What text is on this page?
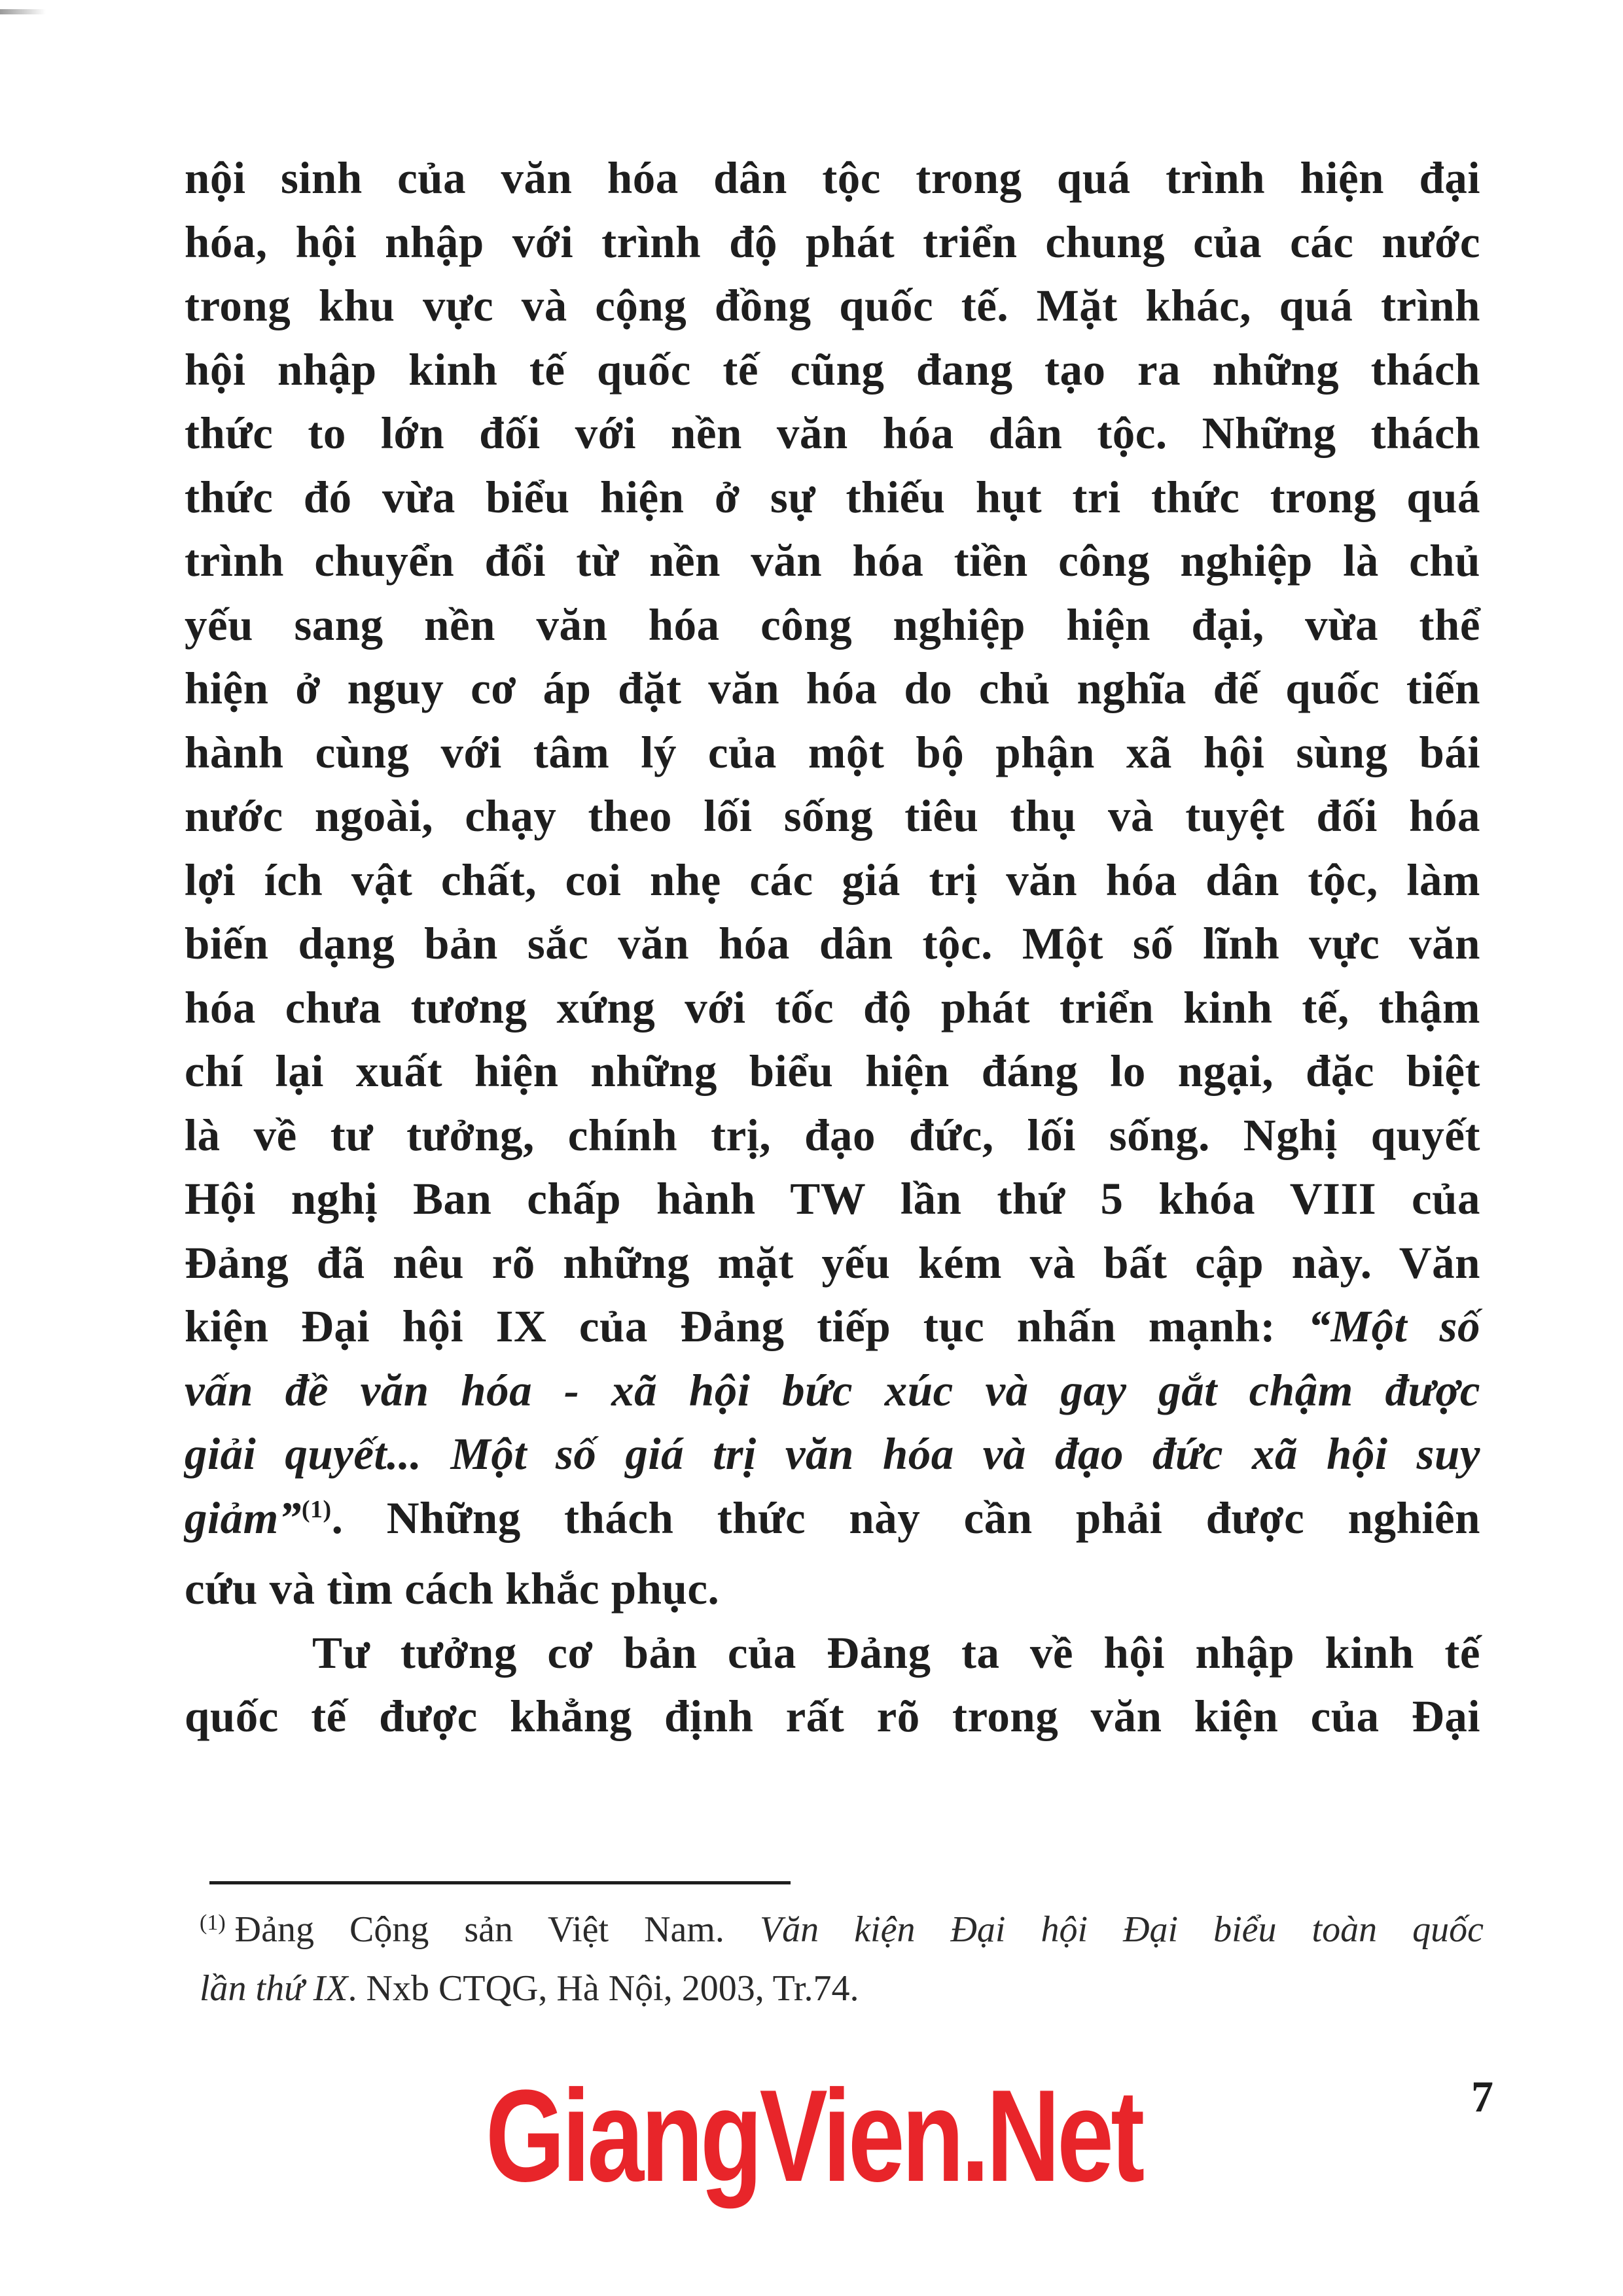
nội sinh của văn hóa dân tộc trong quá trình hiện đại
hóa, hội nhập với trình độ phát triển chung của các nước
trong khu vực và cộng đồng quốc tế. Mặt khác, quá trình
hội nhập kinh tế quốc tế cũng đang tạo ra những thách
thức to lớn đối với nền văn hóa dân tộc. Những thách
thức đó vừa biểu hiện ở sự thiếu hụt tri thức trong quá
trình chuyển đổi từ nền văn hóa tiền công nghiệp là chủ
yếu sang nền văn hóa công nghiệp hiện đại, vừa thể
hiện ở nguy cơ áp đặt văn hóa do chủ nghĩa đế quốc tiến
hành cùng với tâm lý của một bộ phận xã hội sùng bái
nước ngoài, chạy theo lối sống tiêu thụ và tuyệt đối hóa
lợi ích vật chất, coi nhẹ các giá trị văn hóa dân tộc, làm
biến dạng bản sắc văn hóa dân tộc. Một số lĩnh vực văn
hóa chưa tương xứng với tốc độ phát triển kinh tế, thậm
chí lại xuất hiện những biểu hiện đáng lo ngại, đặc biệt
là về tư tưởng, chính trị, đạo đức, lối sống. Nghị quyết
Hội nghị Ban chấp hành TW lần thứ 5 khóa VIII của
Đảng đã nêu rõ những mặt yếu kém và bất cập này. Văn
kiện Đại hội IX của Đảng tiếp tục nhấn mạnh: “Một số
vấn đề văn hóa - xã hội bức xúc và gay gắt chậm được
giải quyết... Một số giá trị văn hóa và đạo đức xã hội suy
giảm”$^{(1)}$. Những thách thức này cần phải được nghiên
cứu và tìm cách khắc phục.

Tư tưởng cơ bản của Đảng ta về hội nhập kinh tế
quốc tế được khẳng định rất rõ trong văn kiện của Đại

$^{(1)}$ Đảng Cộng sản Việt Nam. Văn kiện Đại hội Đại biểu toàn quốc
lần thứ IX. Nxb CTQG, Hà Nội, 2003, Tr.74.
GiangVien.Net	7
